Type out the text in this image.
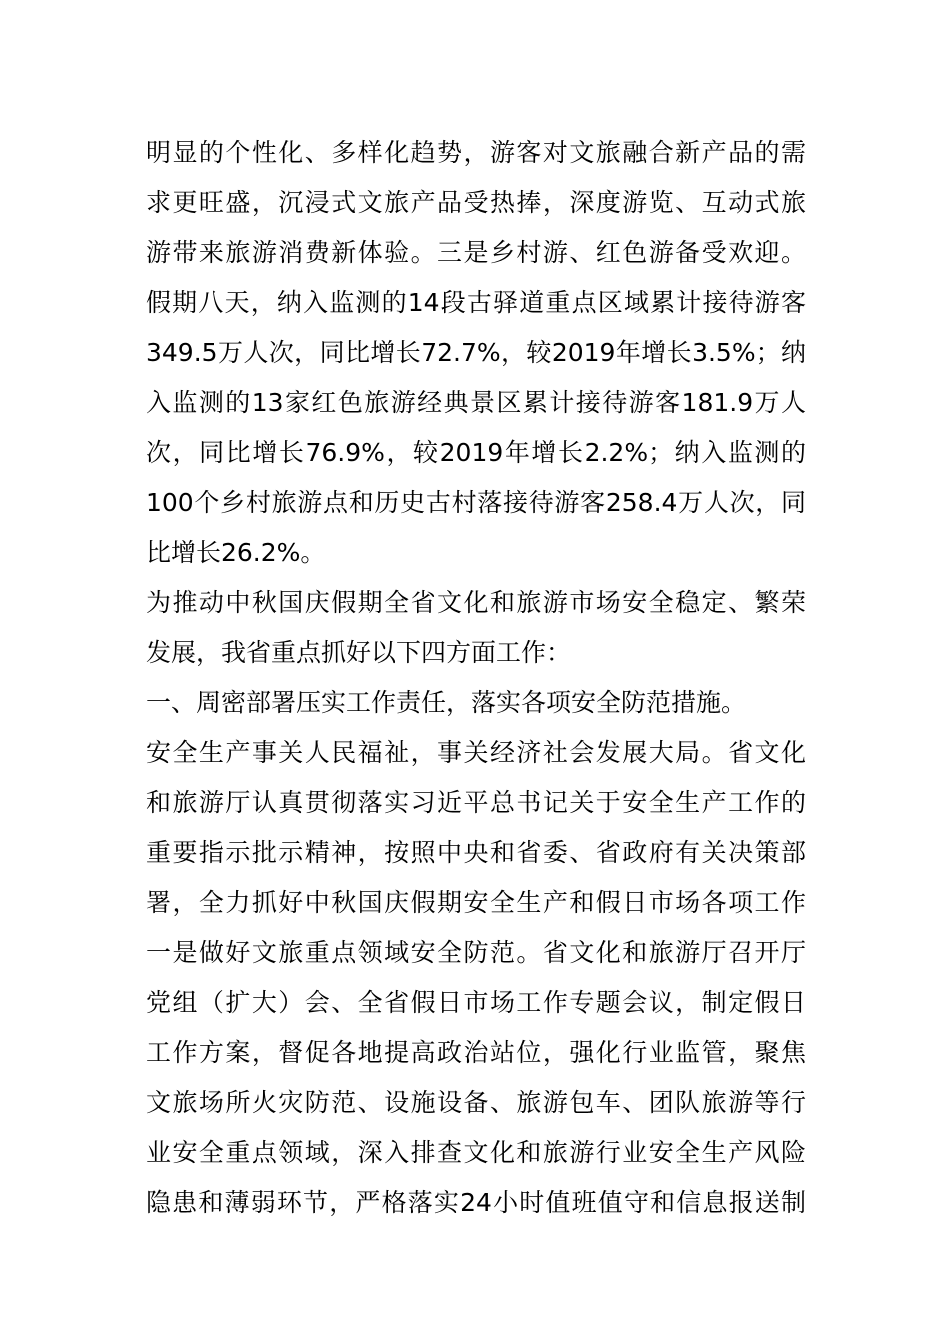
明显的个性化、多样化趋势，游客对文旅融合新产品的需
求更旺盛，沉浸式文旅产品受热捧，深度游览、互动式旅
游带来旅游消费新体验。三是乡村游、红色游备受欢迎。
假期八天，纳入监测的14段古驿道重点区域累计接待游客
349.5万人次，同比增长72.7%，较2019年增长3.5%；纳
入监测的13家红色旅游经典景区累计接待游客181.9万人
次，同比增长76.9%，较2019年增长2.2%；纳入监测的
100个乡村旅游点和历史古村落接待游客258.4万人次，同
比增长26.2%。
为推动中秋国庆假期全省文化和旅游市场安全稳定、繁荣
发展，我省重点抓好以下四方面工作：
一、周密部署压实工作责任，落实各项安全防范措施。
安全生产事关人民福祉，事关经济社会发展大局。省文化
和旅游厅认真贯彻落实习近平总书记关于安全生产工作的
重要指示批示精神，按照中央和省委、省政府有关决策部
署，全力抓好中秋国庆假期安全生产和假日市场各项工作
一是做好文旅重点领域安全防范。省文化和旅游厅召开厅
党组（扩大）会、全省假日市场工作专题会议，制定假日
工作方案，督促各地提高政治站位，强化行业监管，聚焦
文旅场所火灾防范、设施设备、旅游包车、团队旅游等行
业安全重点领域，深入排查文化和旅游行业安全生产风险
隐患和薄弱环节，严格落实24小时值班值守和信息报送制
